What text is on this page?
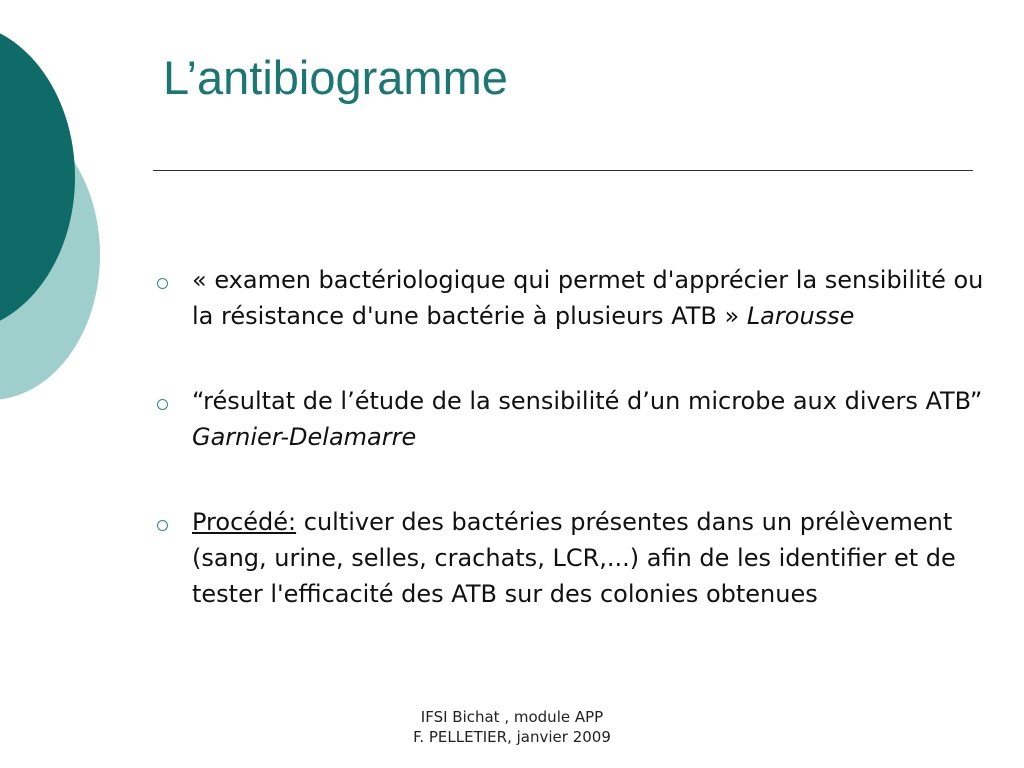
L’antibiogramme
« examen bactériologique qui permet d'apprécier la sensibilité ou la résistance d'une bactérie à plusieurs ATB » Larousse
“résultat de l’étude de la sensibilité d’un microbe aux divers ATB” Garnier-Delamarre
Procédé: cultiver des bactéries présentes dans un prélèvement (sang, urine, selles, crachats, LCR,...) afin de les identifier et de tester l'efficacité des ATB sur des colonies obtenues
IFSI Bichat , module APP
F. PELLETIER, janvier 2009
